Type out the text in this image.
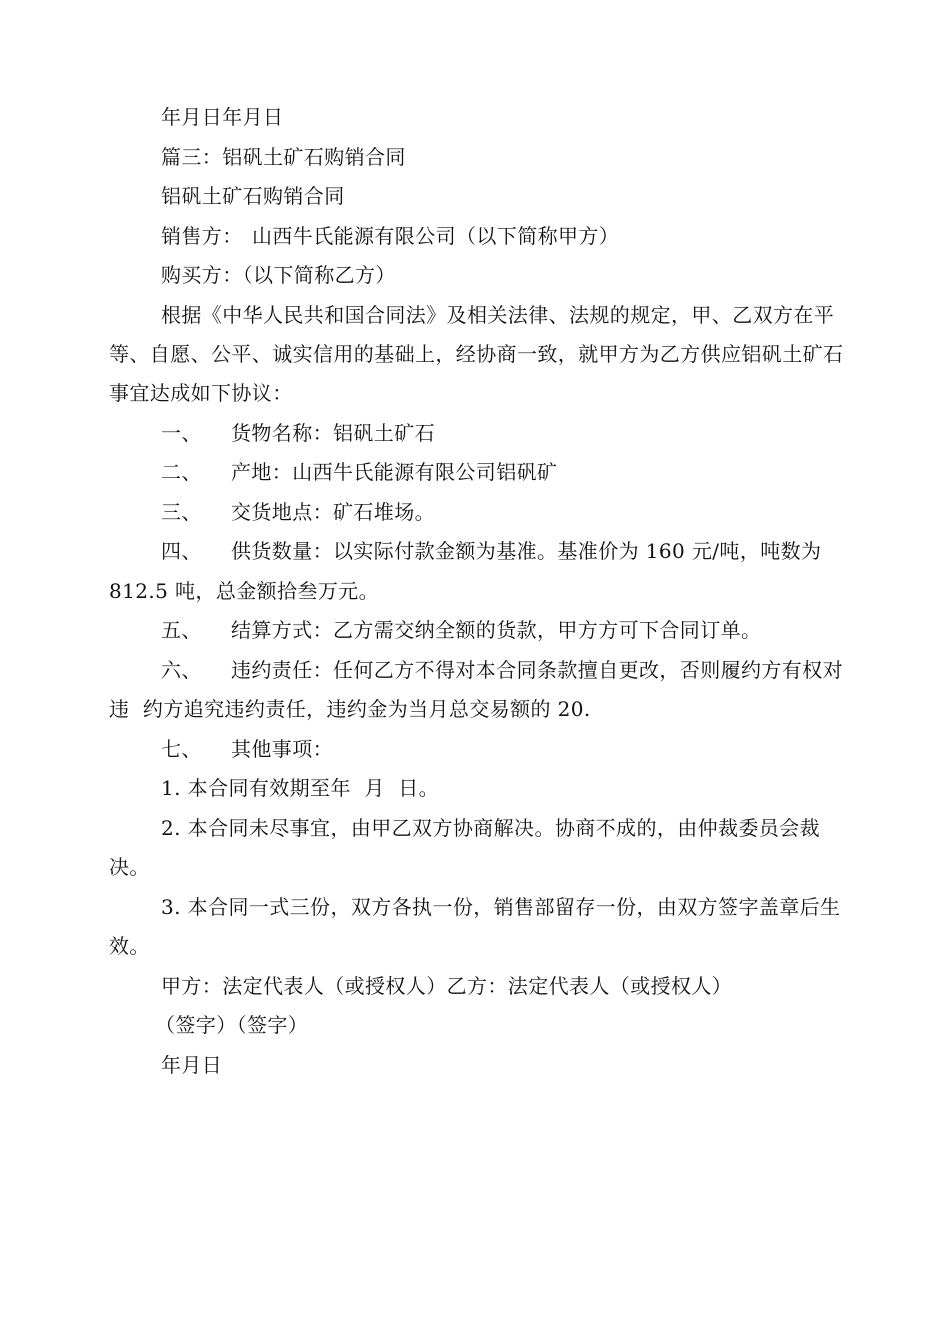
年月日年月日
篇三：铝矾土矿石购销合同
铝矾土矿石购销合同
销售方： 山西牛氏能源有限公司（以下简称甲方）
购买方：（以下简称乙方）
根据《中华人民共和国合同法》及相关法律、法规的规定，甲、乙双方在平
等、自愿、公平、诚实信用的基础上，经协商一致，就甲方为乙方供应铝矾土矿石
事宜达成如下协议：
一、 货物名称：铝矾土矿石
二、 产地：山西牛氏能源有限公司铝矾矿
三、 交货地点：矿石堆场。
四、 供货数量：以实际付款金额为基准。基准价为 160 元/吨，吨数为
812.5 吨，总金额拾叁万元。
五、 结算方式：乙方需交纳全额的货款，甲方方可下合同订单。
六、 违约责任：任何乙方不得对本合同条款擅自更改，否则履约方有权对
违  约方追究违约责任，违约金为当月总交易额的 20.
七、 其他事项：
1. 本合同有效期至年  月  日。
2. 本合同未尽事宜，由甲乙双方协商解决。协商不成的，由仲裁委员会裁
决。
3. 本合同一式三份，双方各执一份，销售部留存一份，由双方签字盖章后生
效。
甲方：法定代表人（或授权人）乙方：法定代表人（或授权人）
（签字）（签字）
年月日
